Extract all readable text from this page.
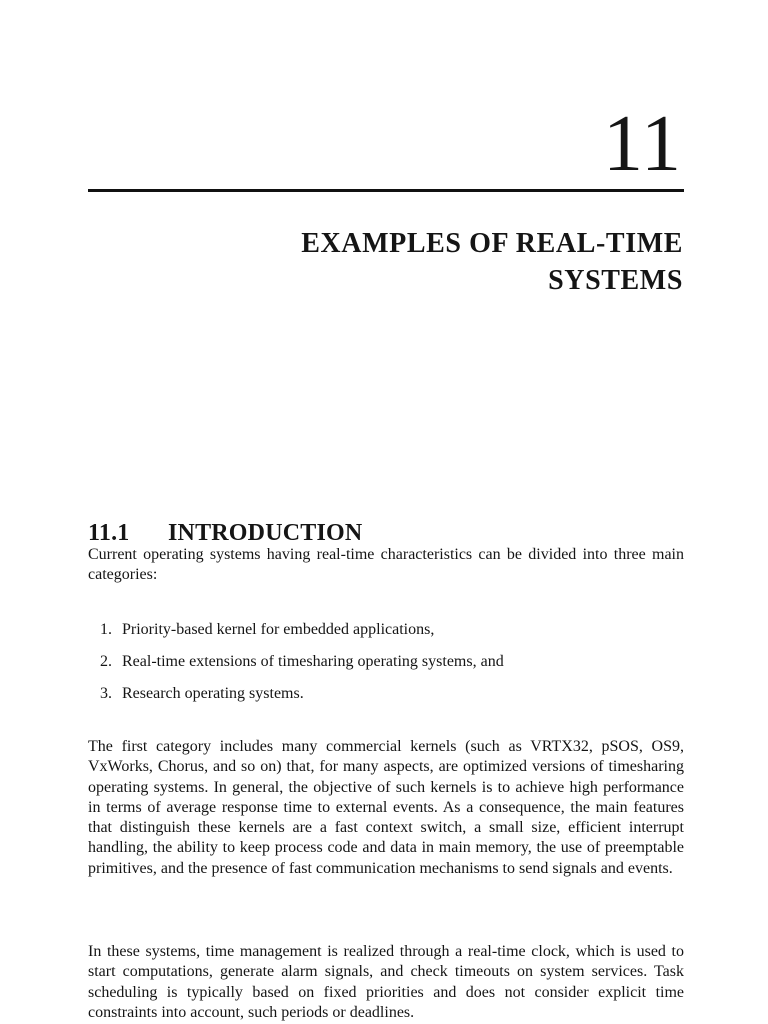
11
EXAMPLES OF REAL-TIME
SYSTEMS
11.1 INTRODUCTION

Current operating systems having real-time characteristics can be divided into three main categories:

1. Priority-based kernel for embedded applications,
2. Real-time extensions of timesharing operating systems, and
3. Research operating systems.

The first category includes many commercial kernels (such as VRTX32, pSOS, OS9, VxWorks, Chorus, and so on) that, for many aspects, are optimized versions of timesharing operating systems. In general, the objective of such kernels is to achieve high performance in terms of average response time to external events. As a consequence, the main features that distinguish these kernels are a fast context switch, a small size, efficient interrupt handling, the ability to keep process code and data in main memory, the use of preemptable primitives, and the presence of fast communication mechanisms to send signals and events.

In these systems, time management is realized through a real-time clock, which is used to start computations, generate alarm signals, and check timeouts on system services. Task scheduling is typically based on fixed priorities and does not consider explicit time constraints into account, such periods or deadlines.
